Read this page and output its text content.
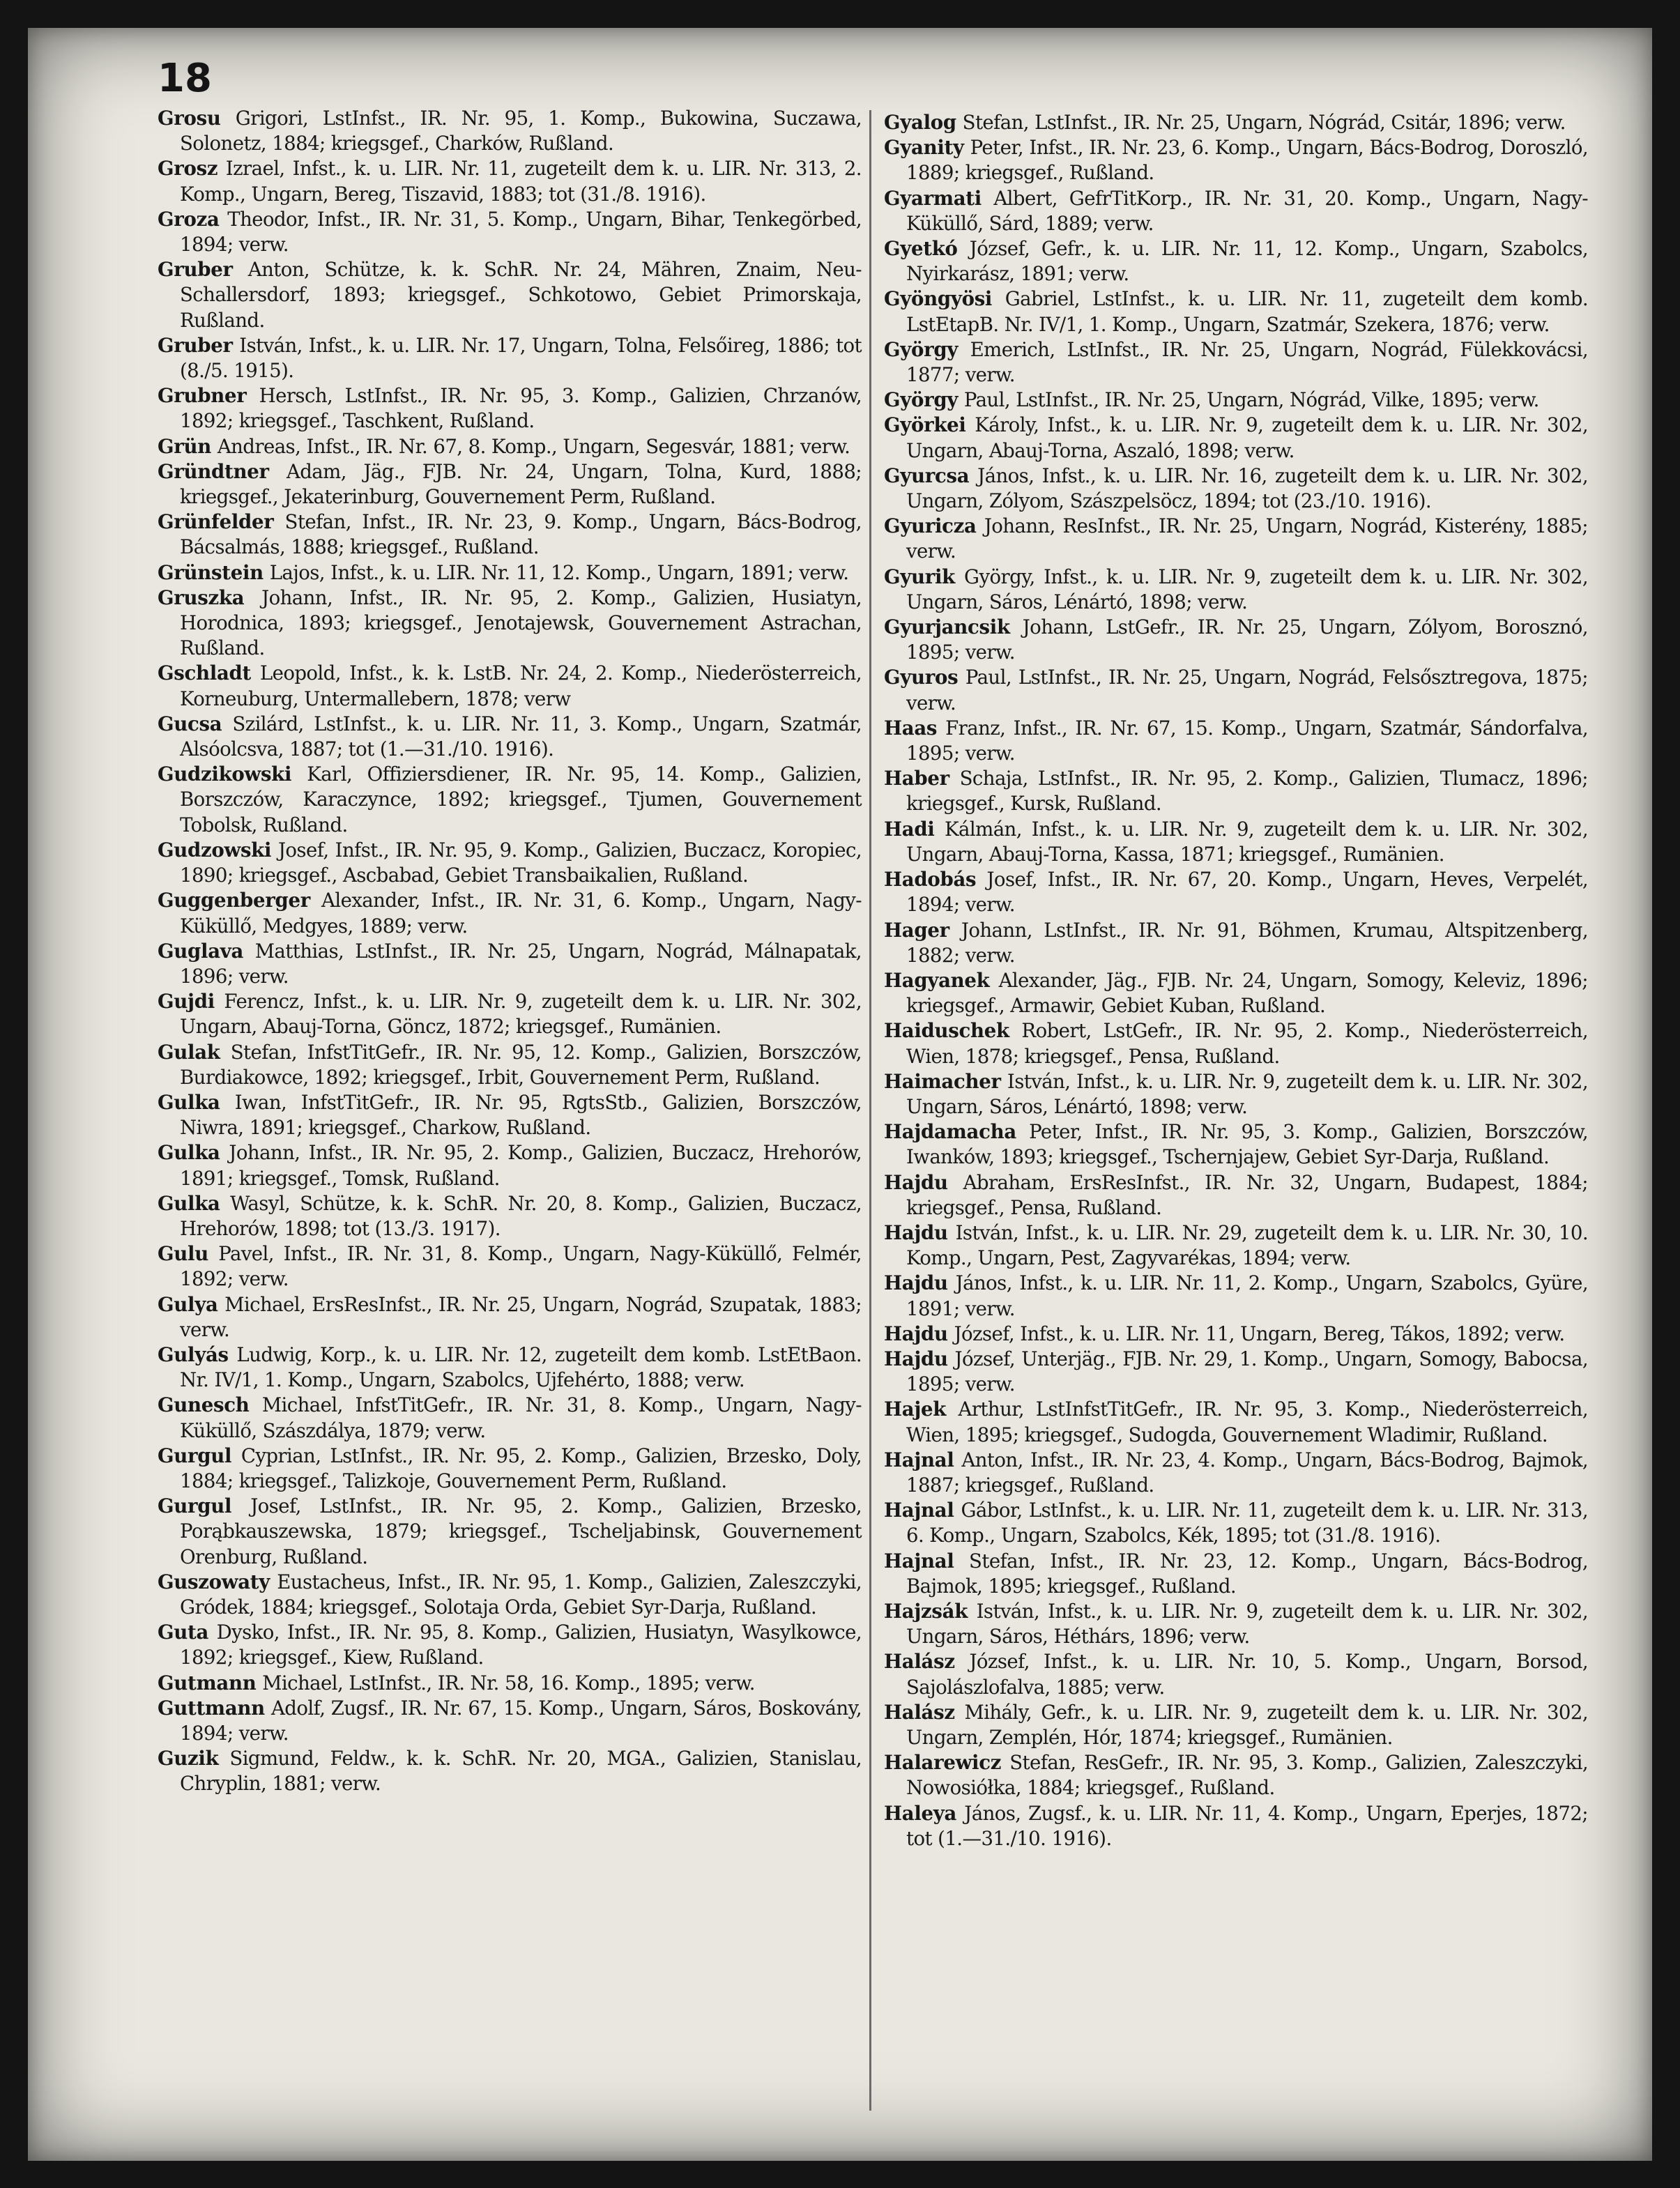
18

Grosu Grigori, LstInfst., IR. Nr. 95, 1. Komp., Bukowina, Suczawa, Solonetz, 1884; kriegsgef., Charków, Rußland.

Grosz Izrael, Infst., k. u. LIR. Nr. 11, zugeteilt dem k. u. LIR. Nr. 313, 2. Komp., Ungarn, Bereg, Tiszavid, 1883; tot (31./8. 1916).

Groza Theodor, Infst., IR. Nr. 31, 5. Komp., Ungarn, Bihar, Tenkegörbed, 1894; verw.

Gruber Anton, Schütze, k. k. SchR. Nr. 24, Mähren, Znaim, Neu-Schallersdorf, 1893; kriegsgef., Schkotowo, Gebiet Primorskaja, Rußland.

Gruber István, Infst., k. u. LIR. Nr. 17, Ungarn, Tolna, Felsőireg, 1886; tot (8./5. 1915).

Grubner Hersch, LstInfst., IR. Nr. 95, 3. Komp., Galizien, Chrzanów, 1892; kriegsgef., Taschkent, Rußland.

Grün Andreas, Infst., IR. Nr. 67, 8. Komp., Ungarn, Segesvár, 1881; verw.

Gründtner Adam, Jäg., FJB. Nr. 24, Ungarn, Tolna, Kurd, 1888; kriegsgef., Jekaterinburg, Gouvernement Perm, Rußland.

Grünfelder Stefan, Infst., IR. Nr. 23, 9. Komp., Ungarn, Bács-Bodrog, Bácsalmás, 1888; kriegsgef., Rußland.

Grünstein Lajos, Infst., k. u. LIR. Nr. 11, 12. Komp., Ungarn, 1891; verw.

Gruszka Johann, Infst., IR. Nr. 95, 2. Komp., Galizien, Husiatyn, Horodnica, 1893; kriegsgef., Jenotajewsk, Gouvernement Astrachan, Rußland.

Gschladt Leopold, Infst., k. k. LstB. Nr. 24, 2. Komp., Niederösterreich, Korneuburg, Untermallebern, 1878; verw

Gucsa Szilárd, LstInfst., k. u. LIR. Nr. 11, 3. Komp., Ungarn, Szatmár, Alsóolcsva, 1887; tot (1.—31./10. 1916).

Gudzikowski Karl, Offiziersdiener, IR. Nr. 95, 14. Komp., Galizien, Borszczów, Karaczynce, 1892; kriegsgef., Tjumen, Gouvernement Tobolsk, Rußland.

Gudzowski Josef, Infst., IR. Nr. 95, 9. Komp., Galizien, Buczacz, Koropiec, 1890; kriegsgef., Ascbabad, Gebiet Transbaikalien, Rußland.

Guggenberger Alexander, Infst., IR. Nr. 31, 6. Komp., Ungarn, Nagy-Küküllő, Medgyes, 1889; verw.

Guglava Matthias, LstInfst., IR. Nr. 25, Ungarn, Nográd, Málnapatak, 1896; verw.

Gujdi Ferencz, Infst., k. u. LIR. Nr. 9, zugeteilt dem k. u. LIR. Nr. 302, Ungarn, Abauj-Torna, Göncz, 1872; kriegsgef., Rumänien.

Gulak Stefan, InfstTitGefr., IR. Nr. 95, 12. Komp., Galizien, Borszczów, Burdiakowce, 1892; kriegsgef., Irbit, Gouvernement Perm, Rußland.

Gulka Iwan, InfstTitGefr., IR. Nr. 95, RgtsStb., Galizien, Borszczów, Niwra, 1891; kriegsgef., Charkow, Rußland.

Gulka Johann, Infst., IR. Nr. 95, 2. Komp., Galizien, Buczacz, Hrehorów, 1891; kriegsgef., Tomsk, Rußland.

Gulka Wasyl, Schütze, k. k. SchR. Nr. 20, 8. Komp., Galizien, Buczacz, Hrehorów, 1898; tot (13./3. 1917).

Gulu Pavel, Infst., IR. Nr. 31, 8. Komp., Ungarn, Nagy-Küküllő, Felmér, 1892; verw.

Gulya Michael, ErsResInfst., IR. Nr. 25, Ungarn, Nográd, Szupatak, 1883; verw.

Gulyás Ludwig, Korp., k. u. LIR. Nr. 12, zugeteilt dem komb. LstEtBaon. Nr. IV/1, 1. Komp., Ungarn, Szabolcs, Ujfehérto, 1888; verw.

Gunesch Michael, InfstTitGefr., IR. Nr. 31, 8. Komp., Ungarn, Nagy-Küküllő, Szászdálya, 1879; verw.

Gurgul Cyprian, LstInfst., IR. Nr. 95, 2. Komp., Galizien, Brzesko, Doly, 1884; kriegsgef., Talizkoje, Gouvernement Perm, Rußland.

Gurgul Josef, LstInfst., IR. Nr. 95, 2. Komp., Galizien, Brzesko, Porąbkauszewska, 1879; kriegsgef., Tscheljabinsk, Gouvernement Orenburg, Rußland.

Guszowaty Eustacheus, Infst., IR. Nr. 95, 1. Komp., Galizien, Zaleszczyki, Gródek, 1884; kriegsgef., Solotaja Orda, Gebiet Syr-Darja, Rußland.

Guta Dysko, Infst., IR. Nr. 95, 8. Komp., Galizien, Husiatyn, Wasylkowce, 1892; kriegsgef., Kiew, Rußland.

Gutmann Michael, LstInfst., IR. Nr. 58, 16. Komp., 1895; verw.

Guttmann Adolf, Zugsf., IR. Nr. 67, 15. Komp., Ungarn, Sáros, Boskovány, 1894; verw.

Guzik Sigmund, Feldw., k. k. SchR. Nr. 20, MGA., Galizien, Stanislau, Chryplin, 1881; verw.

Gyalog Stefan, LstInfst., IR. Nr. 25, Ungarn, Nógrád, Csitár, 1896; verw.

Gyanity Peter, Infst., IR. Nr. 23, 6. Komp., Ungarn, Bács-Bodrog, Doroszló, 1889; kriegsgef., Rußland.

Gyarmati Albert, GefrTitKorp., IR. Nr. 31, 20. Komp., Ungarn, Nagy-Küküllő, Sárd, 1889; verw.

Gyetkó József, Gefr., k. u. LIR. Nr. 11, 12. Komp., Ungarn, Szabolcs, Nyirkarász, 1891; verw.

Gyöngyösi Gabriel, LstInfst., k. u. LIR. Nr. 11, zugeteilt dem komb. LstEtapB. Nr. IV/1, 1. Komp., Ungarn, Szatmár, Szekera, 1876; verw.

György Emerich, LstInfst., IR. Nr. 25, Ungarn, Nográd, Fülekkovácsi, 1877; verw.

György Paul, LstInfst., IR. Nr. 25, Ungarn, Nógrád, Vilke, 1895; verw.

Györkei Károly, Infst., k. u. LIR. Nr. 9, zugeteilt dem k. u. LIR. Nr. 302, Ungarn, Abauj-Torna, Aszaló, 1898; verw.

Gyurcsa János, Infst., k. u. LIR. Nr. 16, zugeteilt dem k. u. LIR. Nr. 302, Ungarn, Zólyom, Szászpelsöcz, 1894; tot (23./10. 1916).

Gyuricza Johann, ResInfst., IR. Nr. 25, Ungarn, Nográd, Kisterény, 1885; verw.

Gyurik György, Infst., k. u. LIR. Nr. 9, zugeteilt dem k. u. LIR. Nr. 302, Ungarn, Sáros, Lénártó, 1898; verw.

Gyurjancsik Johann, LstGefr., IR. Nr. 25, Ungarn, Zólyom, Borosznó, 1895; verw.

Gyuros Paul, LstInfst., IR. Nr. 25, Ungarn, Nográd, Felsősztregova, 1875; verw.

Haas Franz, Infst., IR. Nr. 67, 15. Komp., Ungarn, Szatmár, Sándorfalva, 1895; verw.

Haber Schaja, LstInfst., IR. Nr. 95, 2. Komp., Galizien, Tlumacz, 1896; kriegsgef., Kursk, Rußland.

Hadi Kálmán, Infst., k. u. LIR. Nr. 9, zugeteilt dem k. u. LIR. Nr. 302, Ungarn, Abauj-Torna, Kassa, 1871; kriegsgef., Rumänien.

Hadobás Josef, Infst., IR. Nr. 67, 20. Komp., Ungarn, Heves, Verpelét, 1894; verw.

Hager Johann, LstInfst., IR. Nr. 91, Böhmen, Krumau, Altspitzenberg, 1882; verw.

Hagyanek Alexander, Jäg., FJB. Nr. 24, Ungarn, Somogy, Keleviz, 1896; kriegsgef., Armawir, Gebiet Kuban, Rußland.

Haiduschek Robert, LstGefr., IR. Nr. 95, 2. Komp., Niederösterreich, Wien, 1878; kriegsgef., Pensa, Rußland.

Haimacher István, Infst., k. u. LIR. Nr. 9, zugeteilt dem k. u. LIR. Nr. 302, Ungarn, Sáros, Lénártó, 1898; verw.

Hajdamacha Peter, Infst., IR. Nr. 95, 3. Komp., Galizien, Borszczów, Iwanków, 1893; kriegsgef., Tschernjajew, Gebiet Syr-Darja, Rußland.

Hajdu Abraham, ErsResInfst., IR. Nr. 32, Ungarn, Budapest, 1884; kriegsgef., Pensa, Rußland.

Hajdu István, Infst., k. u. LIR. Nr. 29, zugeteilt dem k. u. LIR. Nr. 30, 10. Komp., Ungarn, Pest, Zagyvarékas, 1894; verw.

Hajdu János, Infst., k. u. LIR. Nr. 11, 2. Komp., Ungarn, Szabolcs, Gyüre, 1891; verw.

Hajdu József, Infst., k. u. LIR. Nr. 11, Ungarn, Bereg, Tákos, 1892; verw.

Hajdu József, Unterjäg., FJB. Nr. 29, 1. Komp., Ungarn, Somogy, Babocsa, 1895; verw.

Hajek Arthur, LstInfstTitGefr., IR. Nr. 95, 3. Komp., Niederösterreich, Wien, 1895; kriegsgef., Sudogda, Gouvernement Wladimir, Rußland.

Hajnal Anton, Infst., IR. Nr. 23, 4. Komp., Ungarn, Bács-Bodrog, Bajmok, 1887; kriegsgef., Rußland.

Hajnal Gábor, LstInfst., k. u. LIR. Nr. 11, zugeteilt dem k. u. LIR. Nr. 313, 6. Komp., Ungarn, Szabolcs, Kék, 1895; tot (31./8. 1916).

Hajnal Stefan, Infst., IR. Nr. 23, 12. Komp., Ungarn, Bács-Bodrog, Bajmok, 1895; kriegsgef., Rußland.

Hajzsák István, Infst., k. u. LIR. Nr. 9, zugeteilt dem k. u. LIR. Nr. 302, Ungarn, Sáros, Héthárs, 1896; verw.

Halász József, Infst., k. u. LIR. Nr. 10, 5. Komp., Ungarn, Borsod, Sajolászlofalva, 1885; verw.

Halász Mihály, Gefr., k. u. LIR. Nr. 9, zugeteilt dem k. u. LIR. Nr. 302, Ungarn, Zemplén, Hór, 1874; kriegsgef., Rumänien.

Halarewicz Stefan, ResGefr., IR. Nr. 95, 3. Komp., Galizien, Zaleszczyki, Nowosiółka, 1884; kriegsgef., Rußland.

Haleya János, Zugsf., k. u. LIR. Nr. 11, 4. Komp., Ungarn, Eperjes, 1872; tot (1.—31./10. 1916).
